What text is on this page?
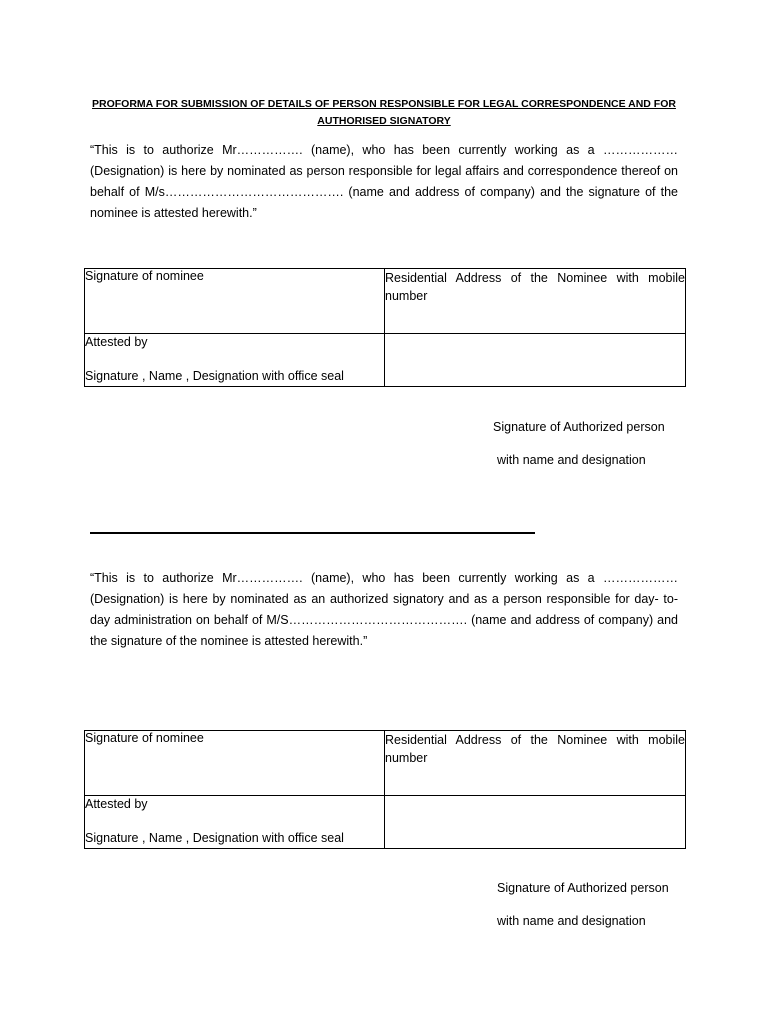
PROFORMA FOR SUBMISSION OF DETAILS OF PERSON RESPONSIBLE FOR LEGAL CORRESPONDENCE AND FOR AUTHORISED SIGNATORY
“This is to authorize Mr……………. (name), who has been currently working as a ……………… (Designation) is here by nominated as person responsible for legal affairs and correspondence thereof on behalf of M/s……………………………………. (name and address of company) and the signature of the nominee is attested herewith.”
Signature of nominee	Residential Address of the Nominee with mobile number

Attested by
Signature , Name , Designation with office seal	

Signature of Authorized person
with name and designation
“This is to authorize Mr……………. (name), who has been currently working as a ……………… (Designation) is here by nominated as an authorized signatory and as a person responsible for day- to- day administration on behalf of M/S……………………………………. (name and address of company) and the signature of the nominee is attested herewith.”
Signature of nominee	Residential Address of the Nominee with mobile number

Attested by
Signature , Name , Designation with office seal	

Signature of Authorized person
with name and designation
